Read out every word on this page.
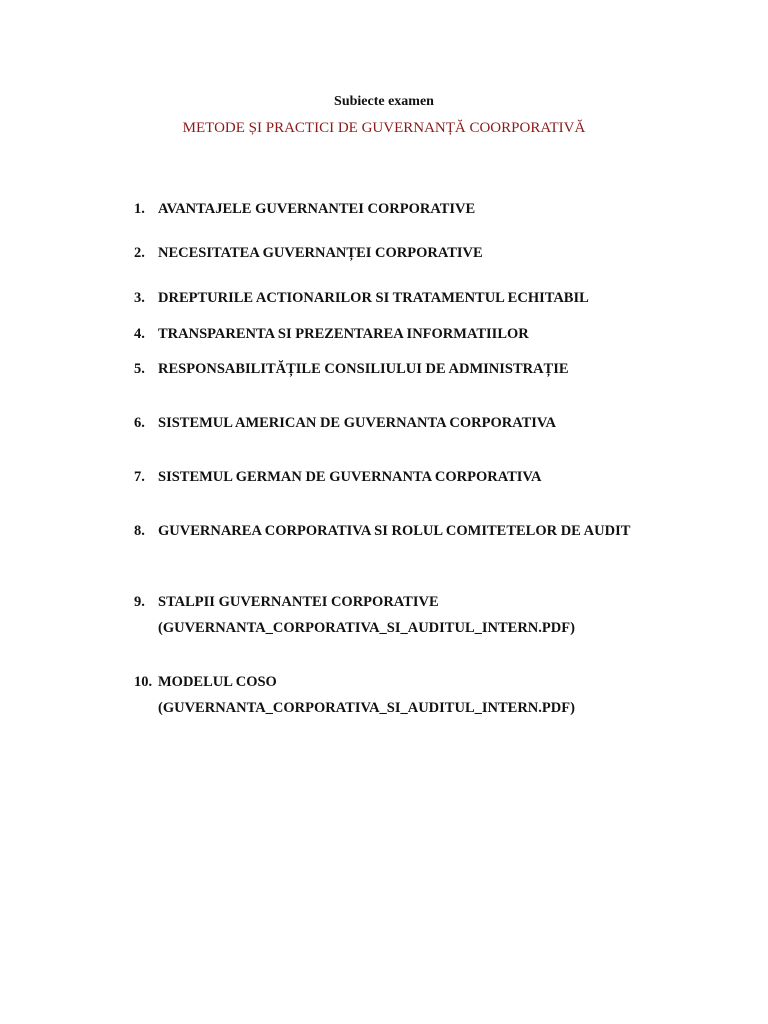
Subiecte examen
METODE ȘI PRACTICI DE GUVERNANȚĂ COORPORATIVĂ
1. AVANTAJELE GUVERNANTEI CORPORATIVE
2. NECESITATEA GUVERNANȚEI CORPORATIVE
3. DREPTURILE ACTIONARILOR SI TRATAMENTUL ECHITABIL
4. TRANSPARENTA SI PREZENTAREA INFORMATIILOR
5. RESPONSABILITĂȚILE CONSILIULUI DE ADMINISTRAȚIE
6. SISTEMUL AMERICAN DE GUVERNANTA CORPORATIVA
7. SISTEMUL GERMAN DE GUVERNANTA CORPORATIVA
8. GUVERNAREA CORPORATIVA SI ROLUL COMITETELOR DE AUDIT
9. STALPII GUVERNANTEI CORPORATIVE
(GUVERNANTA_CORPORATIVA_SI_AUDITUL_INTERN.PDF)
10. MODELUL COSO
(GUVERNANTA_CORPORATIVA_SI_AUDITUL_INTERN.PDF)
